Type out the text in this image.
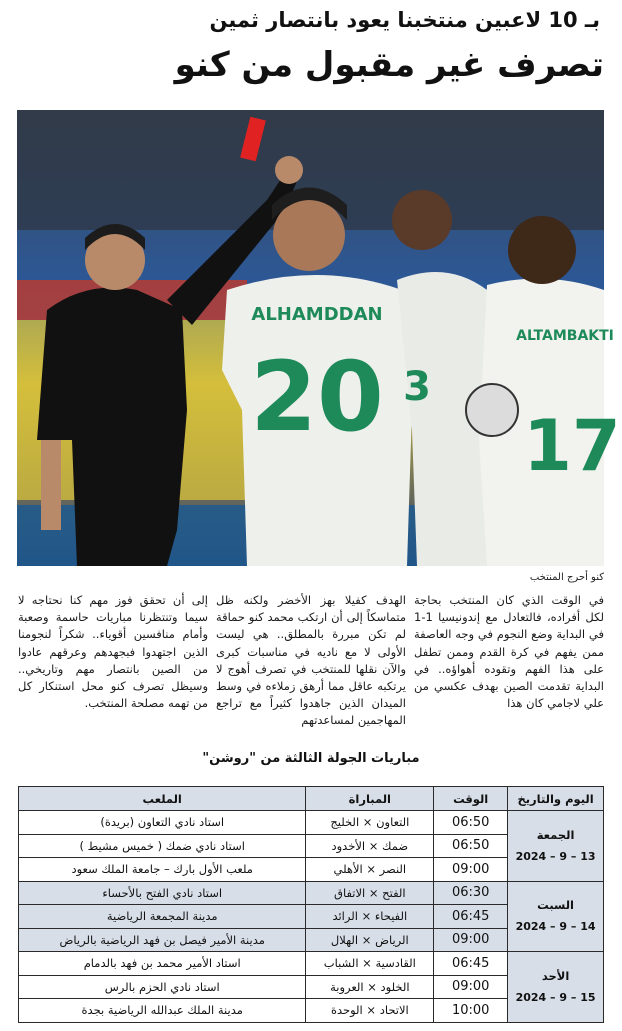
بـ 10 لاعبين منتخبنا يعود بانتصار ثمين
تصرف غير مقبول من كنو
20
ALHAMDDAN
3
17
ALTAMBAKTI
كنو أحرج المنتخب
في الوقت الذي كان المنتخب بحاجة لكل أفراده، فالتعادل مع إندونيسيا 1-1 في البداية وضع النجوم في وجه العاصفة ممن يفهم في كرة القدم وممن تطفل على هذا الفهم وتقوده أهواؤه.. في البداية تقدمت الصين بهدف عكسي من علي لاجامي كان هذا
الهدف كفيلا بهز الأخضر ولكنه ظل متماسكاً إلى أن ارتكب محمد كنو حماقة لم تكن مبررة بالمطلق.. هي ليست الأولى لا مع ناديه في مناسبات كبرى والآن نقلها للمنتخب في تصرف أهوج لا يرتكبه عاقل مما أرهق زملاءه في وسط الميدان الذين جاهدوا كثيراً مع تراجع المهاجمين لمساعدتهم
إلى أن تحقق فوز مهم كنا نحتاجه لا سيما وتنتظرنا مباريات حاسمة وصعبة وأمام منافسين أقوياء.. شكراً لنجومنا الذين اجتهدوا فبجهدهم وعرقهم عادوا من الصين بانتصار مهم وتاريخي.. وسيظل تصرف كنو محل استنكار كل من تهمه مصلحة المنتخب.
مباريات الجولة الثالثة من "روشن"
اليوم والتاريخ	الوقت	المباراة	الملعب

الجمعة
13 – 9 – 2024	06:50	التعاون × الخليج	استاد نادي التعاون (بريدة)
	06:50	ضمك × الأخدود	استاد نادي ضمك ( خميس مشيط )
	09:00	النصر × الأهلي	ملعب الأول بارك – جامعة الملك سعود

السبت
14 – 9 – 2024	06:30	الفتح × الاتفاق	استاد نادي الفتح بالأحساء
	06:45	الفيحاء × الرائد	مدينة المجمعة الرياضية
	09:00	الرياض × الهلال	مدينة الأمير فيصل بن فهد الرياضية بالرياض

الأحد
15 – 9 – 2024	06:45	القادسية × الشباب	استاد الأمير محمد بن فهد بالدمام
	09:00	الخلود × العروبة	استاد نادي الحزم بالرس
	10:00	الاتحاد × الوحدة	مدينة الملك عبدالله الرياضية بجدة
